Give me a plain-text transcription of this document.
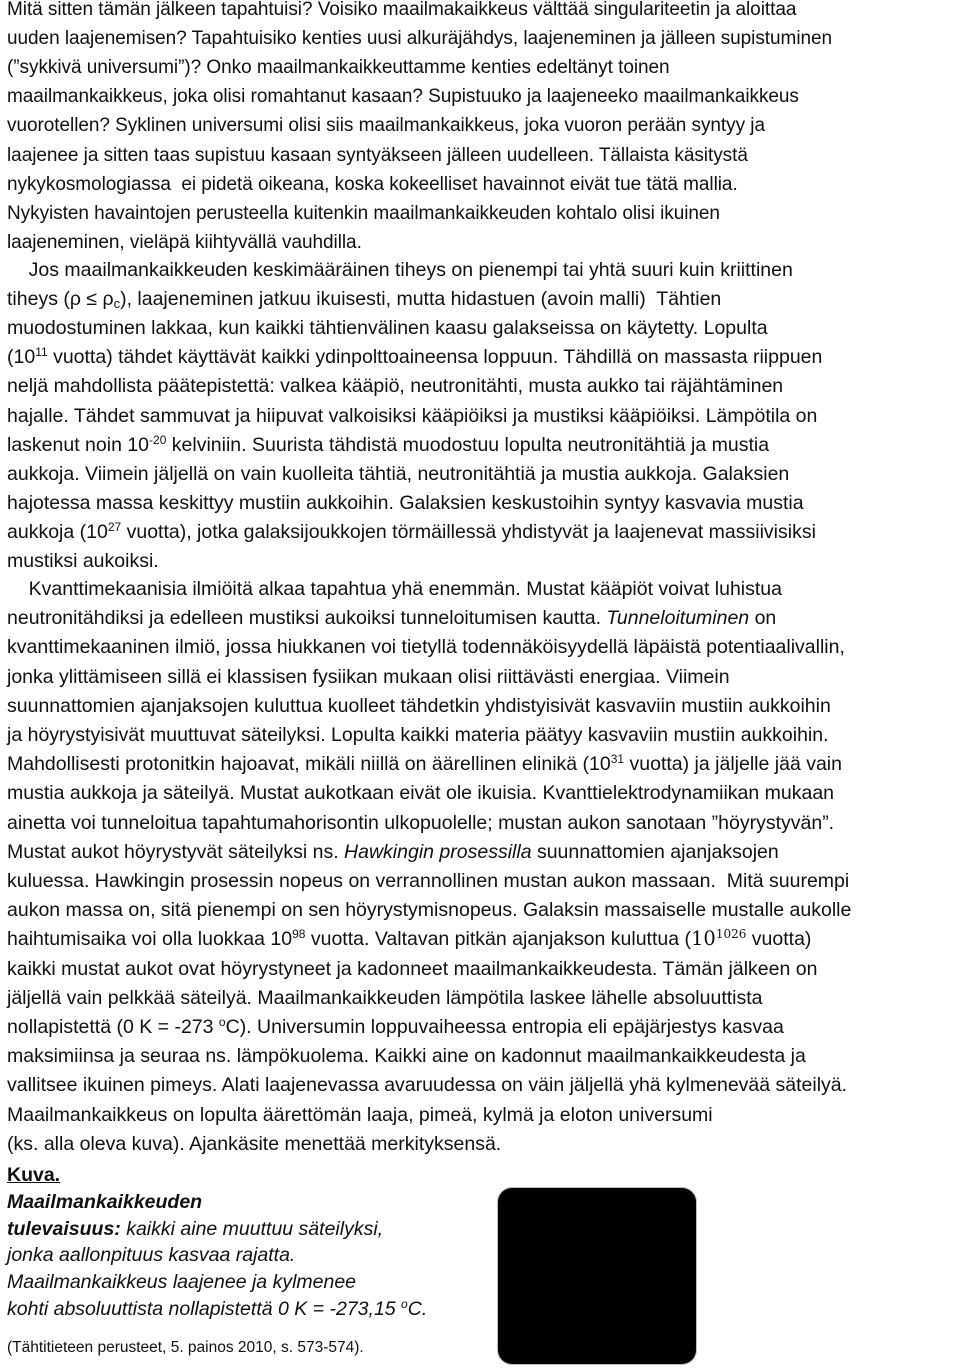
Mitä sitten tämän jälkeen tapahtuisi? Voisiko maailmakaikkeus välttää singulariteetin ja aloittaa
uuden laajenemisen? Tapahtuisiko kenties uusi alkuräjähdys, laajeneminen ja jälleen supistuminen
(”sykkivä universumi”)? Onko maailmankaikkeuttamme kenties edeltänyt toinen
maailmankaikkeus, joka olisi romahtanut kasaan? Supistuuko ja laajeneeko maailmankaikkeus
vuorotellen? Syklinen universumi olisi siis maailmankaikkeus, joka vuoron perään syntyy ja
laajenee ja sitten taas supistuu kasaan syntyäkseen jälleen uudelleen. Tällaista käsitystä
nykykosmologiassa  ei pidetä oikeana, koska kokeelliset havainnot eivät tue tätä mallia.
Nykyisten havaintojen perusteella kuitenkin maailmankaikkeuden kohtalo olisi ikuinen
laajeneminen, vieläpä kiihtyvällä vauhdilla.
Jos maailmankaikkeuden keskimääräinen tiheys on pienempi tai yhtä suuri kuin kriittinen
tiheys $(\rho \le \rho_c)$, laajeneminen jatkuu ikuisesti, mutta hidastuen (avoin malli)  Tähtien
muodostuminen lakkaa, kun kaikki tähtienvälinen kaasu galakseissa on käytetty. Lopulta
($10^{11}$ vuotta) tähdet käyttävät kaikki ydinpolttoaineensa loppuun. Tähdillä on massasta riippuen
neljä mahdollista päätepistettä: valkea kääpiö, neutronitähti, musta aukko tai räjähtäminen
hajalle. Tähdet sammuvat ja hiipuvat valkoisiksi kääpiöiksi ja mustiksi kääpiöiksi. Lämpötila on
laskenut noin $10^{-20}$ kelviniin. Suurista tähdistä muodostuu lopulta neutronitähtiä ja mustia
aukkoja. Viimein jäljellä on vain kuolleita tähtiä, neutronitähtiä ja mustia aukkoja. Galaksien
hajotessa massa keskittyy mustiin aukkoihin. Galaksien keskustoihin syntyy kasvavia mustia
aukkoja ($10^{27}$ vuotta), jotka galaksijoukkojen törmäillessä yhdistyvät ja laajenevat massiivisiksi
mustiksi aukoiksi.
Kvanttimekaanisia ilmiöitä alkaa tapahtua yhä enemmän. Mustat kääpiöt voivat luhistua
neutronitähdiksi ja edelleen mustiksi aukoiksi tunneloitumisen kautta. Tunneloituminen on
kvanttimekaaninen ilmiö, jossa hiukkanen voi tietyllä todennäköisyydellä läpäistä potentiaalivallin,
jonka ylittämiseen sillä ei klassisen fysiikan mukaan olisi riittävästi energiaa. Viimein
suunnattomien ajanjaksojen kuluttua kuolleet tähdetkin yhdistyisivät kasvaviin mustiin aukkoihin
ja höyrystyisivät muuttuvat säteilyksi. Lopulta kaikki materia päätyy kasvaviin mustiin aukkoihin.
Mahdollisesti protonitkin hajoavat, mikäli niillä on äärellinen elinikä ($10^{31}$ vuotta) ja jäljelle jää vain
mustia aukkoja ja säteilyä. Mustat aukotkaan eivät ole ikuisia. Kvanttielektrodynamiikan mukaan
ainetta voi tunneloitua tapahtumahorisontin ulkopuolelle; mustan aukon sanotaan ”höyrystyvän”.
Mustat aukot höyrystyvät säteilyksi ns. Hawkingin prosessilla suunnattomien ajanjaksojen
kuluessa. Hawkingin prosessin nopeus on verrannollinen mustan aukon massaan.  Mitä suurempi
aukon massa on, sitä pienempi on sen höyrystymisnopeus. Galaksin massaiselle mustalle aukolle
haihtumisaika voi olla luokkaa $10^{98}$ vuotta. Valtavan pitkän ajanjakson kuluttua ($10^{1026}$ vuotta)
kaikki mustat aukot ovat höyrystyneet ja kadonneet maailmankaikkeudesta. Tämän jälkeen on
jäljellä vain pelkkää säteilyä. Maailmankaikkeuden lämpötila laskee lähelle absoluuttista
nollapistettä (0 K = -273 $^o$C). Universumin loppuvaiheessa entropia eli epäjärjestys kasvaa
maksimiinsa ja seuraa ns. lämpökuolema. Kaikki aine on kadonnut maailmankaikkeudesta ja
vallitsee ikuinen pimeys. Alati laajenevassa avaruudessa on väin jäljellä yhä kylmenevää säteilyä.
Maailmankaikkeus on lopulta äärettömän laaja, pimeä, kylmä ja eloton universumi
(ks. alla oleva kuva). Ajankäsite menettää merkityksensä.
Kuva.
Maailmankaikkeuden
tulevaisuus: kaikki aine muuttuu säteilyksi,
jonka aallonpituus kasvaa rajatta.
Maailmankaikkeus laajenee ja kylmenee
kohti absoluuttista nollapistettä 0 K = -273,15 $^o$C.
(Tähtitieteen perusteet, 5. painos 2010, s. 573-574).
